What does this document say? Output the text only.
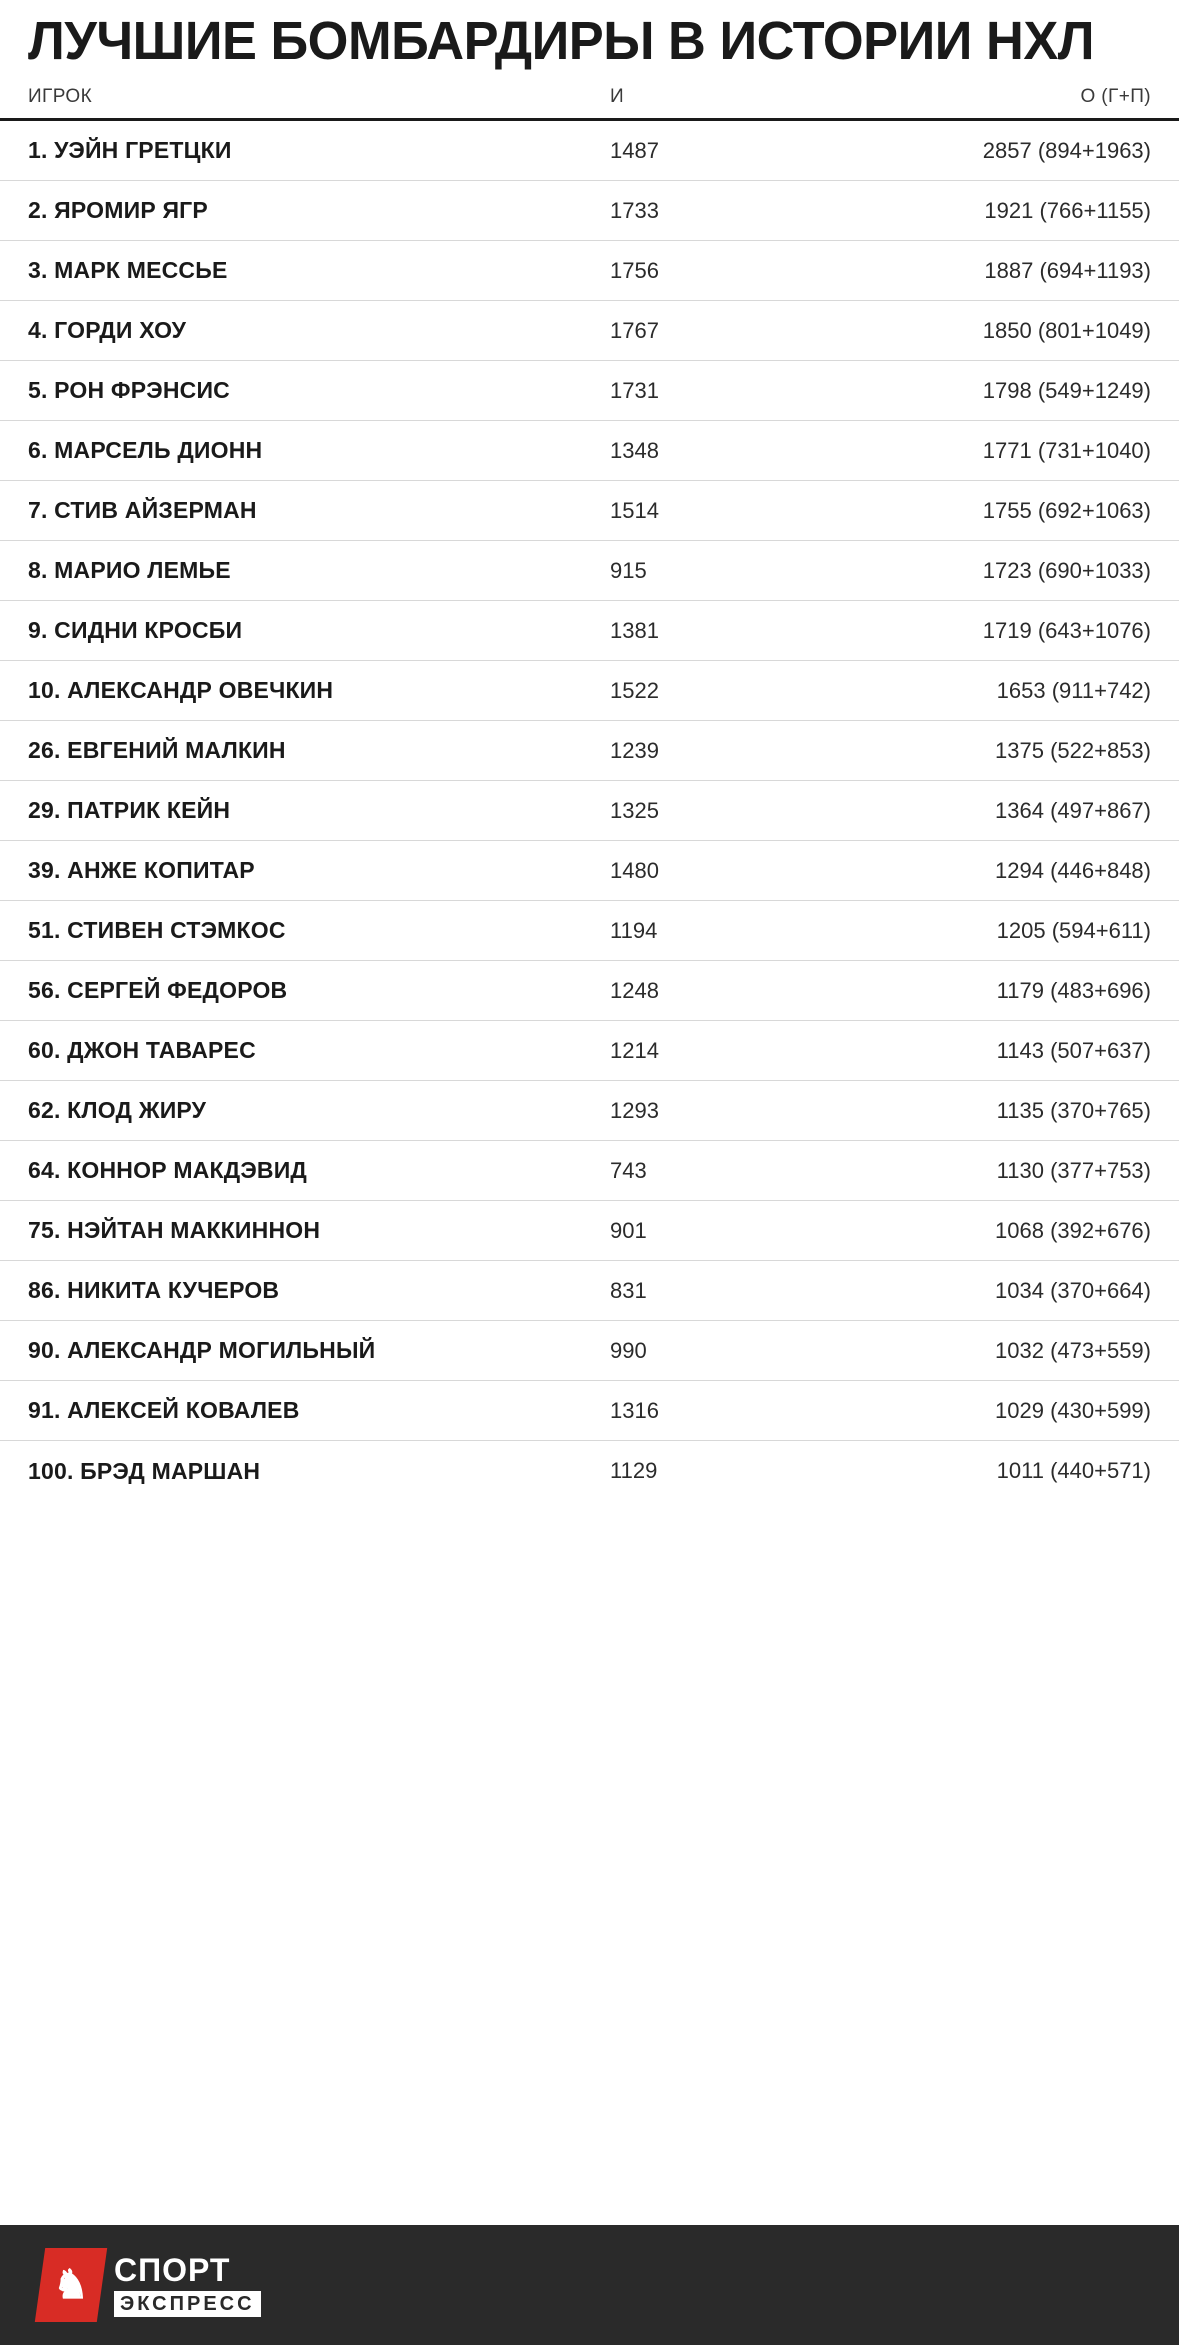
ЛУЧШИЕ БОМБАРДИРЫ В ИСТОРИИ НХЛ
ИГРОК	И	О (Г+П)
1. УЭЙН ГРЕТЦКИ	1487	2857 (894+1963)
2. ЯРОМИР ЯГР	1733	1921 (766+1155)
3. МАРК МЕССЬЕ	1756	1887 (694+1193)
4. ГОРДИ ХОУ	1767	1850 (801+1049)
5. РОН ФРЭНСИС	1731	1798 (549+1249)
6. МАРСЕЛЬ ДИОНН	1348	1771 (731+1040)
7. СТИВ АЙЗЕРМАН	1514	1755 (692+1063)
8. МАРИО ЛЕМЬЕ	915	1723 (690+1033)
9. СИДНИ КРОСБИ	1381	1719 (643+1076)
10. АЛЕКСАНДР ОВЕЧКИН	1522	1653 (911+742)
26. ЕВГЕНИЙ МАЛКИН	1239	1375 (522+853)
29. ПАТРИК КЕЙН	1325	1364 (497+867)
39. АНЖЕ КОПИТАР	1480	1294 (446+848)
51. СТИВЕН СТЭМКОС	1194	1205 (594+611)
56. СЕРГЕЙ ФЕДОРОВ	1248	1179 (483+696)
60. ДЖОН ТАВАРЕС	1214	1143 (507+637)
62. КЛОД ЖИРУ	1293	1135 (370+765)
64. КОННОР МАКДЭВИД	743	1130 (377+753)
75. НЭЙТАН МАККИННОН	901	1068 (392+676)
86. НИКИТА КУЧЕРОВ	831	1034 (370+664)
90. АЛЕКСАНДР МОГИЛЬНЫЙ	990	1032 (473+559)
91. АЛЕКСЕЙ КОВАЛЕВ	1316	1029 (430+599)
100. БРЭД МАРШАН	1129	1011 (440+571)
♞ СПОРТ
ЭКСПРЕСС
